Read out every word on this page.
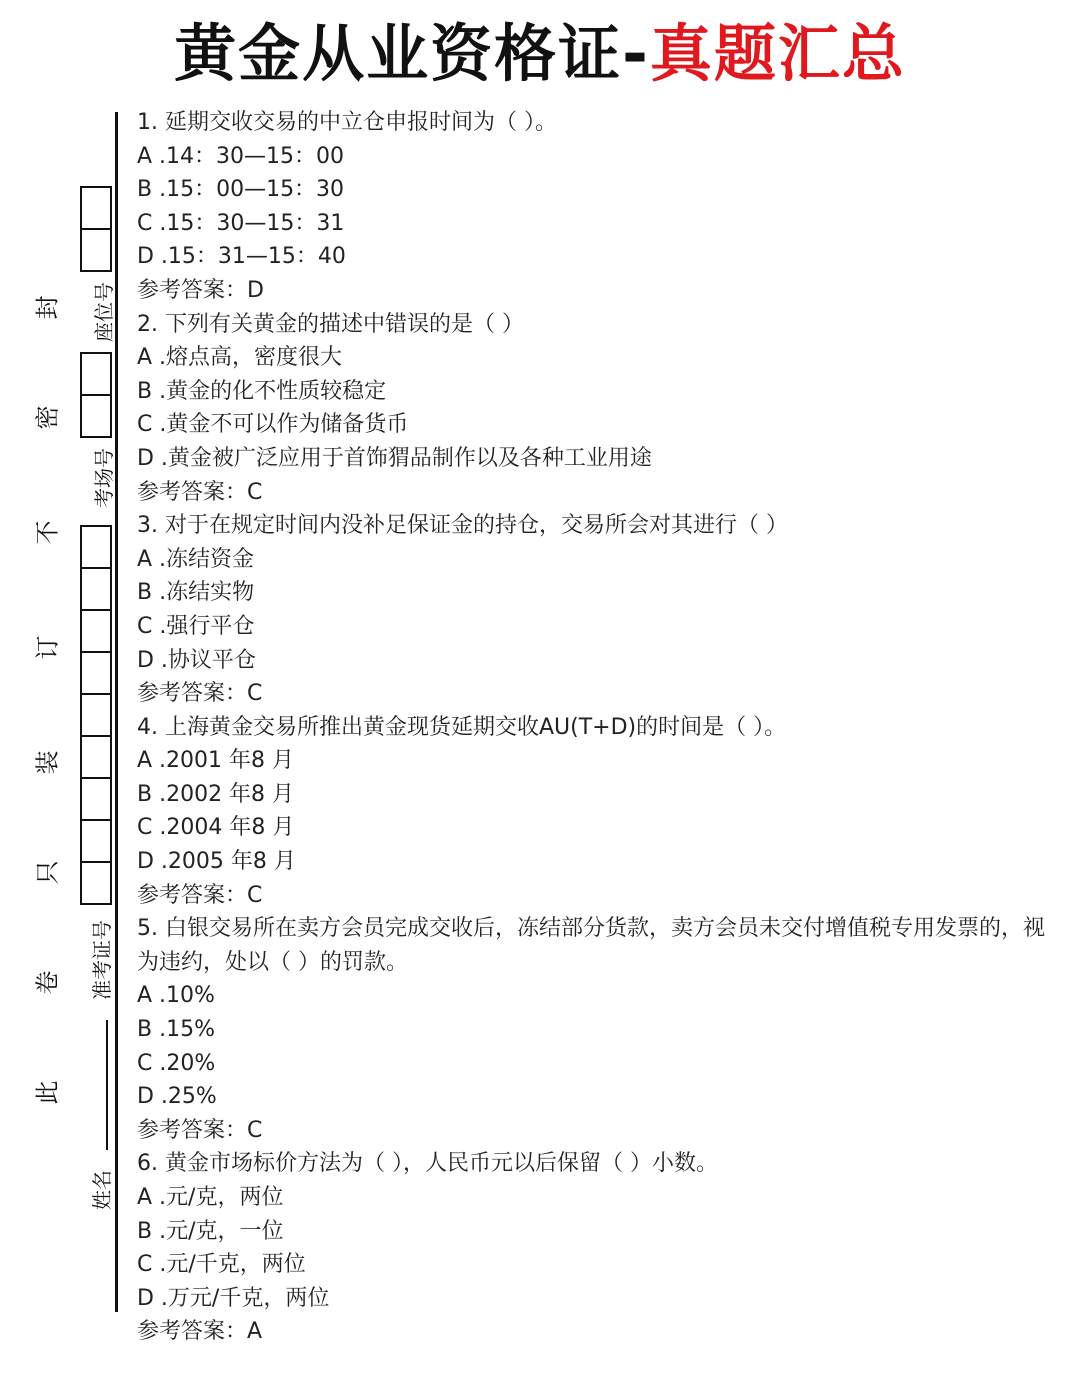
黄金从业资格证-真题汇总
封
密
不
订
装
只
卷
此
座位号
考场号
准考证号
姓名
1. 延期交收交易的中立仓申报时间为（ ）。
A .14：30—15：00
B .15：00—15：30
C .15：30—15：31
D .15：31—15：40
参考答案：D
2. 下列有关黄金的描述中错误的是（ ）
A .熔点高，密度很大
B .黄金的化不性质较稳定
C .黄金不可以作为储备货币
D .黄金被广泛应用于首饰猬品制作以及各种工业用途
参考答案：C
3. 对于在规定时间内没补足保证金的持仓，交易所会对其进行（ ）
A .冻结资金
B .冻结实物
C .强行平仓
D .协议平仓
参考答案：C
4. 上海黄金交易所推出黄金现货延期交收AU(T+D)的时间是（ ）。
A .2001 年8 月
B .2002 年8 月
C .2004 年8 月
D .2005 年8 月
参考答案：C
5. 白银交易所在卖方会员完成交收后，冻结部分货款，卖方会员未交付增值税专用发票的，视为违约，处以（ ）的罚款。
A .10%
B .15%
C .20%
D .25%
参考答案：C
6. 黄金市场标价方法为（ ），人民币元以后保留（ ）小数。
A .元/克，两位
B .元/克，一位
C .元/千克，两位
D .万元/千克，两位
参考答案：A
